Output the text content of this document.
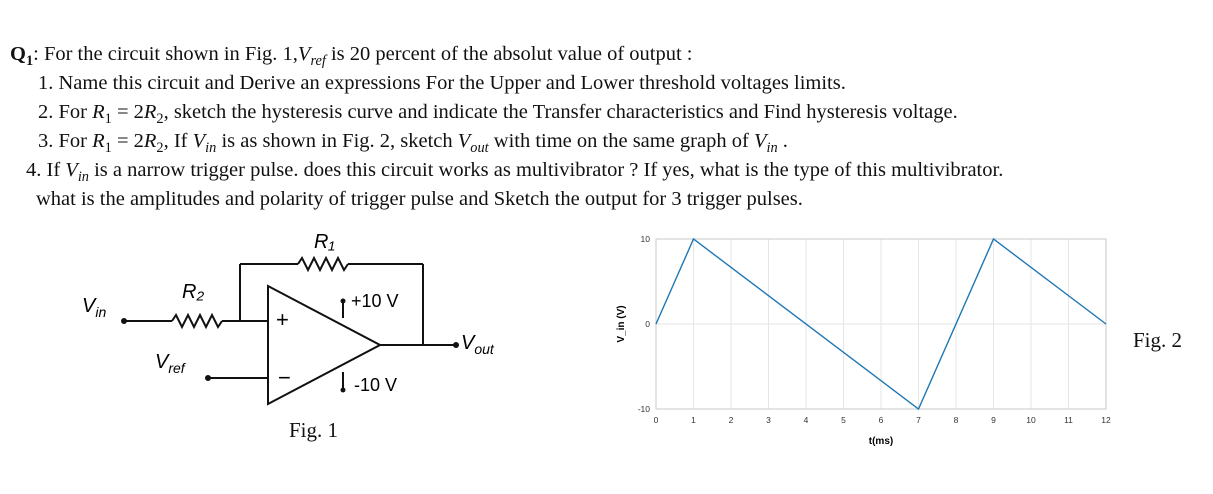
$Q_1$: For the circuit shown in Fig. $1,V_{ref}$ is 20 percent of the absolut value of output :
1. Name this circuit and Derive an expressions For the Upper and Lower threshold voltages limits.
2. For $R_1 = 2R_2$, sketch the hysteresis curve and indicate the Transfer characteristics and Find hysteresis voltage.
3. For $R_1 = 2R_2$, If $V_{in}$ is as shown in Fig. 2, sketch $V_{out}$ with time on the same graph of $V_{in}$ .
4. If $V_{in}$ is a narrow trigger pulse. does this circuit works as multivibrator ? If yes, what is the type of this multivibrator.
what is the amplitudes and polarity of trigger pulse and Sketch the output for 3 trigger pulses.
+
−
+10 V
-10 V
R₁
R₂
$V_{in}$
$V_{ref}$
$V_{out}$
Fig. 1
Fig. 2
0	1	2	3	4	5	6	7	8	9	10	11	12
-10
0
10
t(ms)
V_in (V)
